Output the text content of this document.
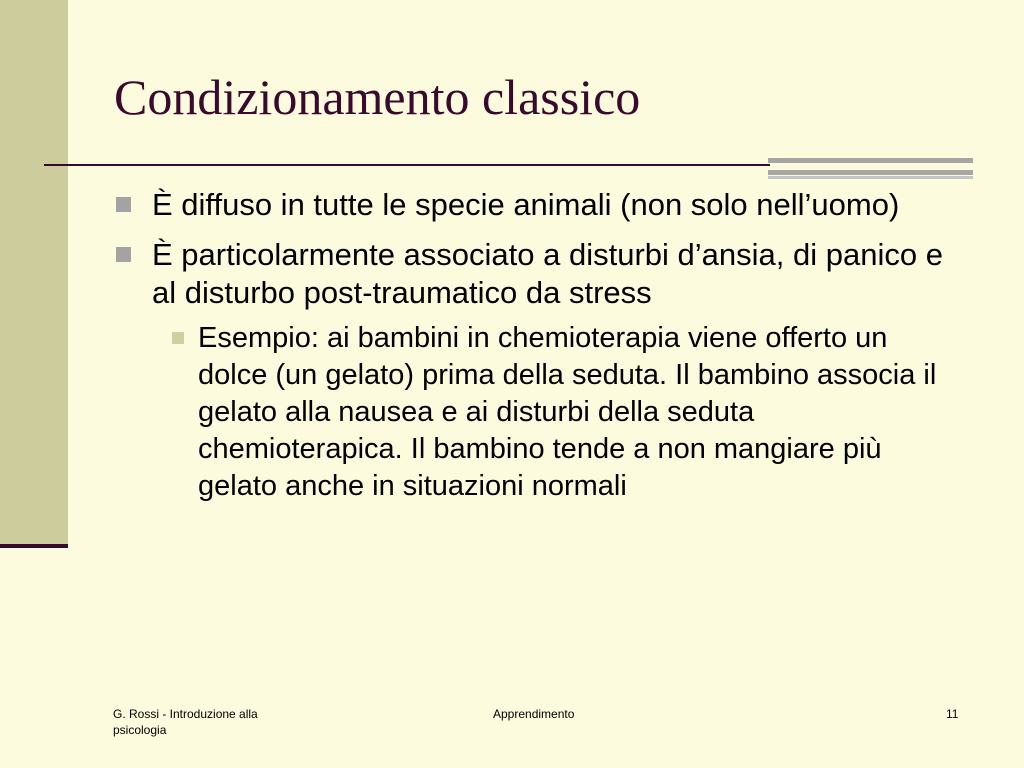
Condizionamento classico
È diffuso in tutte le specie animali (non solo nell’uomo)
È particolarmente associato a disturbi d’ansia, di panico e al disturbo post-traumatico da stress
Esempio: ai bambini in chemioterapia viene offerto un dolce (un gelato) prima della seduta. Il bambino associa il gelato alla nausea e ai disturbi della seduta chemioterapica. Il bambino tende a non mangiare più gelato anche in situazioni normali
G. Rossi - Introduzione alla psicologia
Apprendimento	11
